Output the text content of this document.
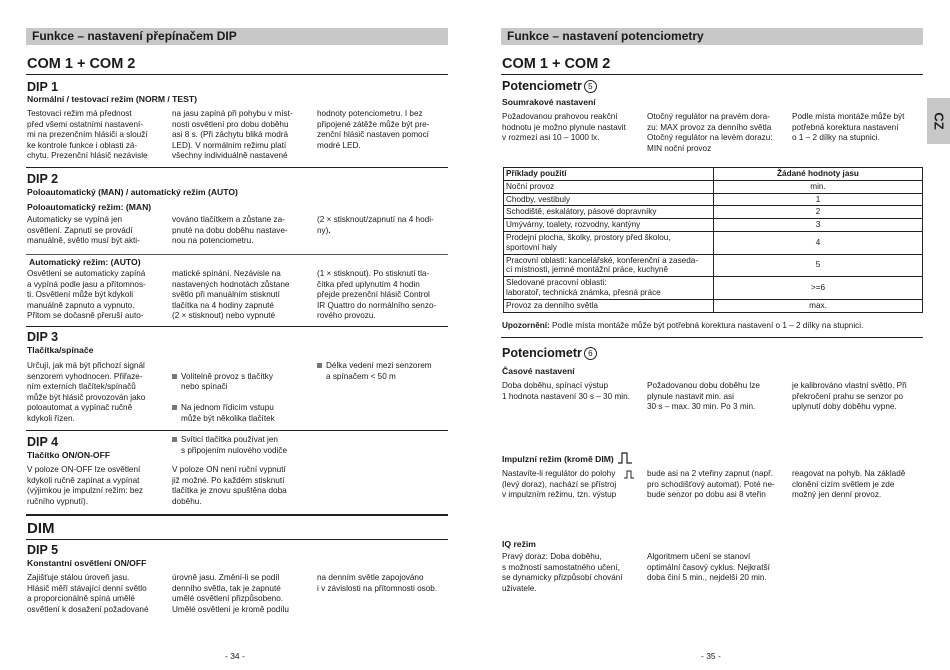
Funkce – nastavení přepínačem DIP
COM 1 + COM 2
DIP 1
Normální / testovací režim (NORM / TEST)
Testovací režim má přednost
před všemi ostatními nastavení-
mi na prezenčním hlásiči a slouží
ke kontrole funkce i oblasti zá-
chytu. Prezenční hlásič nezávisle
na jasu zapíná při pohybu v míst-
nosti osvětlení pro dobu doběhu
asi 8 s. (Při záchytu bliká modrá
LED). V normálním režimu platí
všechny individuálně nastavené
hodnoty potenciometru. I bez
připojené zátěže může být pre-
zenční hlásič nastaven pomocí
modré LED.
DIP 2
Poloautomatický (MAN) / automatický režim (AUTO)
Poloautomatický režim: (MAN)
Automaticky se vypíná jen
osvětlení. Zapnutí se provádí
manuálně, světlo musí být akti-
vováno tlačítkem a zůstane za-
pnuté na dobu doběhu nastave-
nou na potenciometru.
(2 × stisknout/zapnutí na 4 hodi-
ny).
Automatický režim: (AUTO)
Osvětlení se automaticky zapíná
a vypíná podle jasu a přítomnos-
ti. Osvětlení může být kdykoli
manuálně zapnuto a vypnuto.
Přitom se dočasně přeruší auto-
matické spínání. Nezávisle na
nastavených hodnotách zůstane
světlo při manuálním stisknutí
tlačítka na 4 hodiny zapnuté
(2 × stisknout) nebo vypnuté
(1 × stisknout). Po stisknutí tla-
čítka před uplynutím 4 hodin
přejde prezenční hlásič Control
IR Quattro do normálního senzo-
rového provozu.
DIP 3
Tlačítka/spínače
Určují, jak má být přichozí signál
senzorem vyhodnocen. Přiřaze-
ním externích tlačítek/spínačů
může být hlásič provozován jako
poloautomat a vypínač ručně
kdykoli řízen.

Volitelně provoz s tlačítky
nebo spínači

Na jednom řídicím vstupu
může být několika tlačítek

Svíticí tlačítka používat jen
s připojením nulového vodiče

Délka vedení mezi senzorem
a spínačem < 50 m
DIP 4
Tlačítko ON/ON-OFF
V poloze ON-OFF lze osvětlení
kdykoli ručně zapínat a vypínat
(výjimkou je impulzní režim: bez
ručního vypnutí).
V poloze ON není ruční vypnutí
již možné. Po každém stisknutí
tlačítka je znovu spuštěna doba
doběhu.
DIM
DIP 5
Konstantní osvětlení ON/OFF
Zajišťuje stálou úroveň jasu.
Hlásič měří stávající denní světlo
a proporcionálně spíná umělé
osvětlení k dosažení požadované
úrovně jasu. Změní-li se podíl
denního světla, tak je zapnuté
umělé osvětlení přizpůsobeno.
Umělé osvětlení je kromě podílu
na denním světle zapojováno
i v závislosti na přítomnosti osob.
- 34 -
Funkce – nastavení potenciometry
COM 1 + COM 2
Potenciometr 5
Soumrakové nastavení
Požadovanou prahovou reakční
hodnotu je možno plynule nastavit
v rozmezí asi 10 – 1000 lx.
Otočný regulátor na pravém dora-
zu: MAX provoz za denního světla
Otočný regulátor na levém dorazu:
MIN noční provoz
Podle místa montáže může být
potřebná korektura nastavení
o 1 – 2 dílky na stupnici.
Příklady použití	Žádané hodnoty jasu
Noční provoz	min.
Chodby, vestibuly	1
Schodiště, eskalátory, pásové dopravníky	2
Umývárny, toalety, rozvodny, kantýny	3
Prodejní plocha, školky, prostory před školou,
sportovní haly	4
Pracovní oblasti: kancelářské, konferenční a zaseda-
cí místnosti, jemné montážní práce, kuchyně	5
Sledované pracovní oblasti:
laboratoř, technická známka, přesná práce	>=6
Provoz za denního světla	max.
Upozornění: Podle místa montáže může být potřebná korektura nastavení o 1 – 2 dílky na stupnici.
Potenciometr 6
Časové nastavení
Doba doběhu, spínací výstup
1 hodnota nastavení 30 s – 30 min.
Požadovanou dobu doběhu lze
plynule nastavit min. asi
30 s – max. 30 min. Po 3 min.
je kalibrováno vlastní světlo. Při
překročení prahu se senzor po
uplynutí doby doběhu vypne.
Impulzní režim (kromě DIM)
Nastavíte-li regulátor do polohy
(levý doraz), nachází se přístroj
v impulzním režimu, tzn. výstup
bude asi na 2 vteřiny zapnut (např.
pro schodišťový automat). Poté ne-
bude senzor po dobu asi 8 vteřin
reagovat na pohyb. Na základě
clonění cizím světlem je zde
možný jen denní provoz.
IQ režim
Pravý doraz: Doba doběhu,
s možností samostatného učení,
se dynamicky přizpůsobí chování
uživatele.
Algoritmem učení se stanoví
optimální časový cyklus. Nejkratší
doba činí 5 min., nejdelší 20 min.
- 35 -
CZ
